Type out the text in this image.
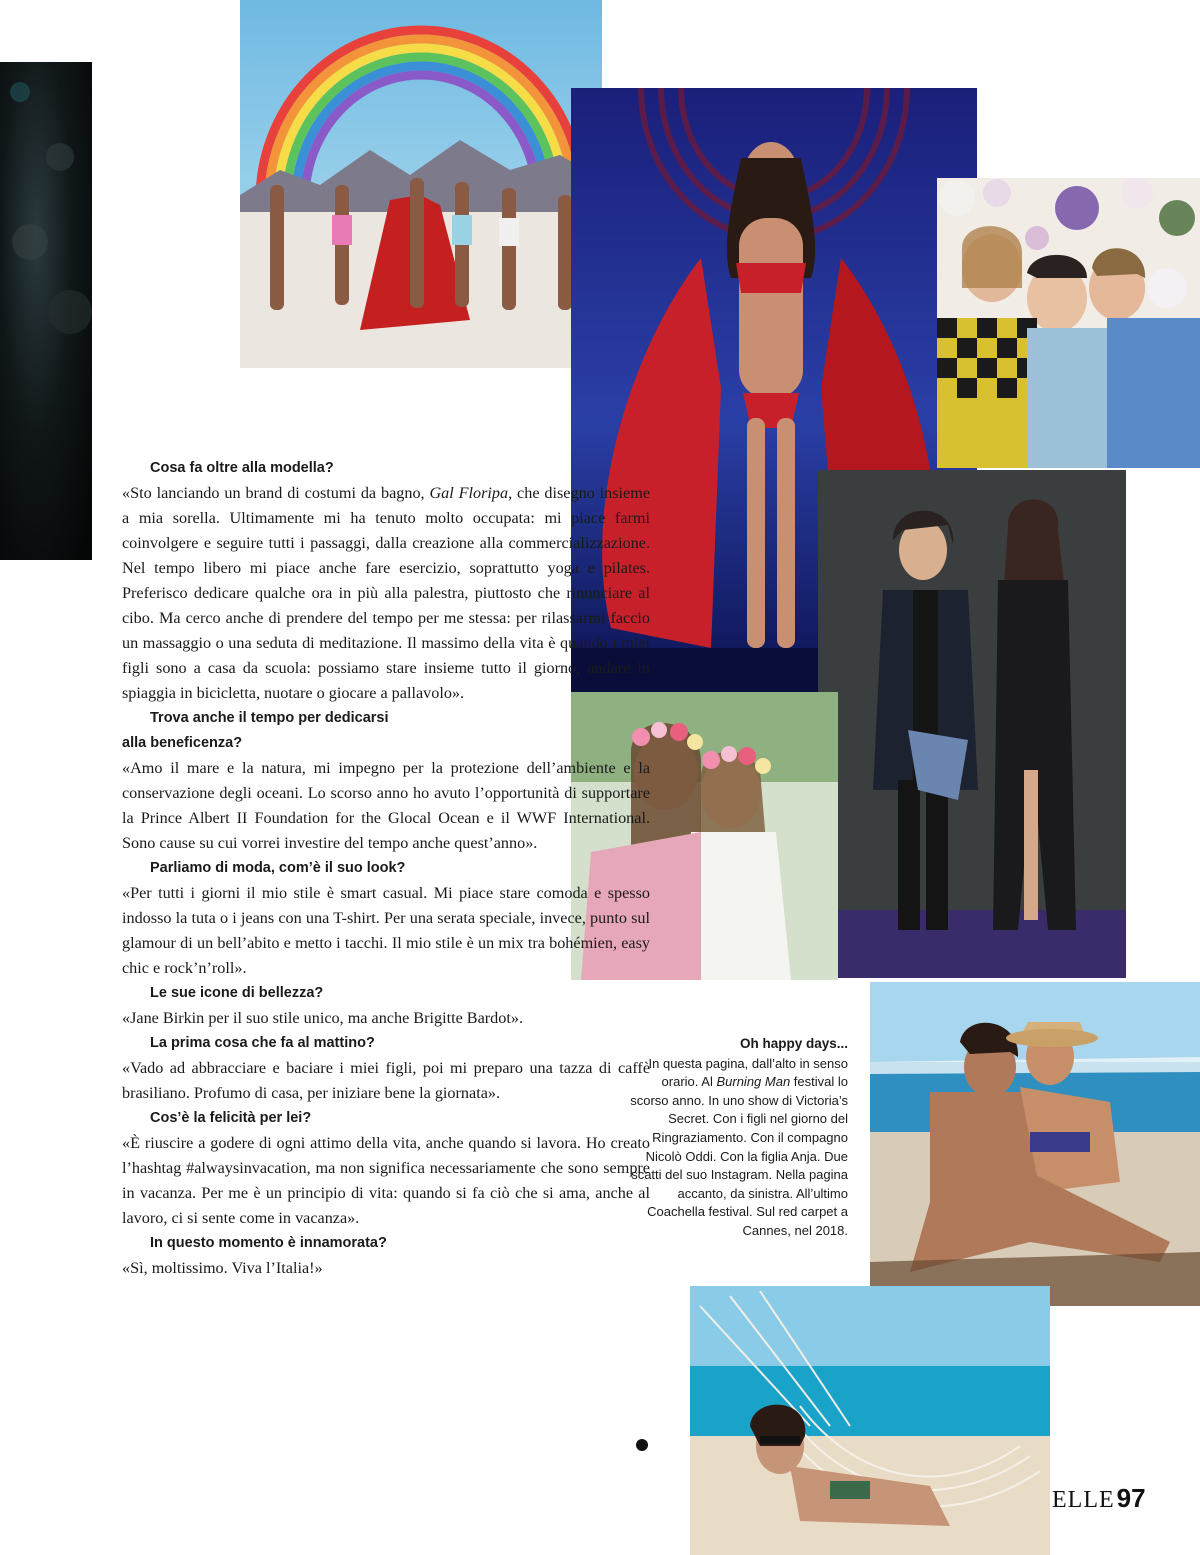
Cosa fa oltre alla modella?

«Sto lanciando un brand di costumi da bagno, Gal Floripa, che disegno insieme a mia sorella. Ultimamente mi ha tenuto molto occupata: mi piace farmi coinvolgere e seguire tutti i passaggi, dalla creazione alla commercializzazione. Nel tempo libero mi piace anche fare esercizio, soprattutto yoga e pilates. Preferisco dedicare qualche ora in più alla palestra, piuttosto che rinunciare al cibo. Ma cerco anche di prendere del tempo per me stessa: per rilassarmi faccio un massaggio o una seduta di meditazione. Il massimo della vita è quando i miei figli sono a casa da scuola: possiamo stare insieme tutto il giorno, andare in spiaggia in bicicletta, nuotare o giocare a pallavolo».

Trova anche il tempo per dedicarsi

alla beneficenza?

«Amo il mare e la natura, mi impegno per la protezione dell’ambiente e la conservazione degli oceani. Lo scorso anno ho avuto l’opportunità di supportare la Prince Albert II Foundation for the Glocal Ocean e il WWF International. Sono cause su cui vorrei investire del tempo anche quest’anno».

Parliamo di moda, com’è il suo look?

«Per tutti i giorni il mio stile è smart casual. Mi piace stare comoda e spesso indosso la tuta o i jeans con una T-shirt. Per una serata speciale, invece, punto sul glamour di un bell’abito e metto i tacchi. Il mio stile è un mix tra bohémien, easy chic e rock’n’roll».

Le sue icone di bellezza?

«Jane Birkin per il suo stile unico, ma anche Brigitte Bardot».

La prima cosa che fa al mattino?

«Vado ad abbracciare e baciare i miei figli, poi mi preparo una tazza di caffè brasiliano. Profumo di casa, per iniziare bene la giornata».

Cos’è la felicità per lei?

«È riuscire a godere di ogni attimo della vita, anche quando si lavora. Ho creato l’hashtag #alwaysinvacation, ma non significa necessariamente che sono sempre in vacanza. Per me è un principio di vita: quando si fa ciò che si ama, anche al lavoro, ci si sente come in vacanza».

In questo momento è innamorata?

«Sì, moltissimo. Viva l’Italia!»

Oh happy days...

In questa pagina, dall’alto in senso orario. Al Burning Man festival lo scorso anno. In uno show di Victoria’s Secret. Con i figli nel giorno del Ringraziamento. Con il compagno Nicolò Oddi. Con la figlia Anja. Due scatti del suo Instagram. Nella pagina accanto, da sinistra. All’ultimo Coachella festival. Sul red carpet a Cannes, nel 2018.

ELLE 97
